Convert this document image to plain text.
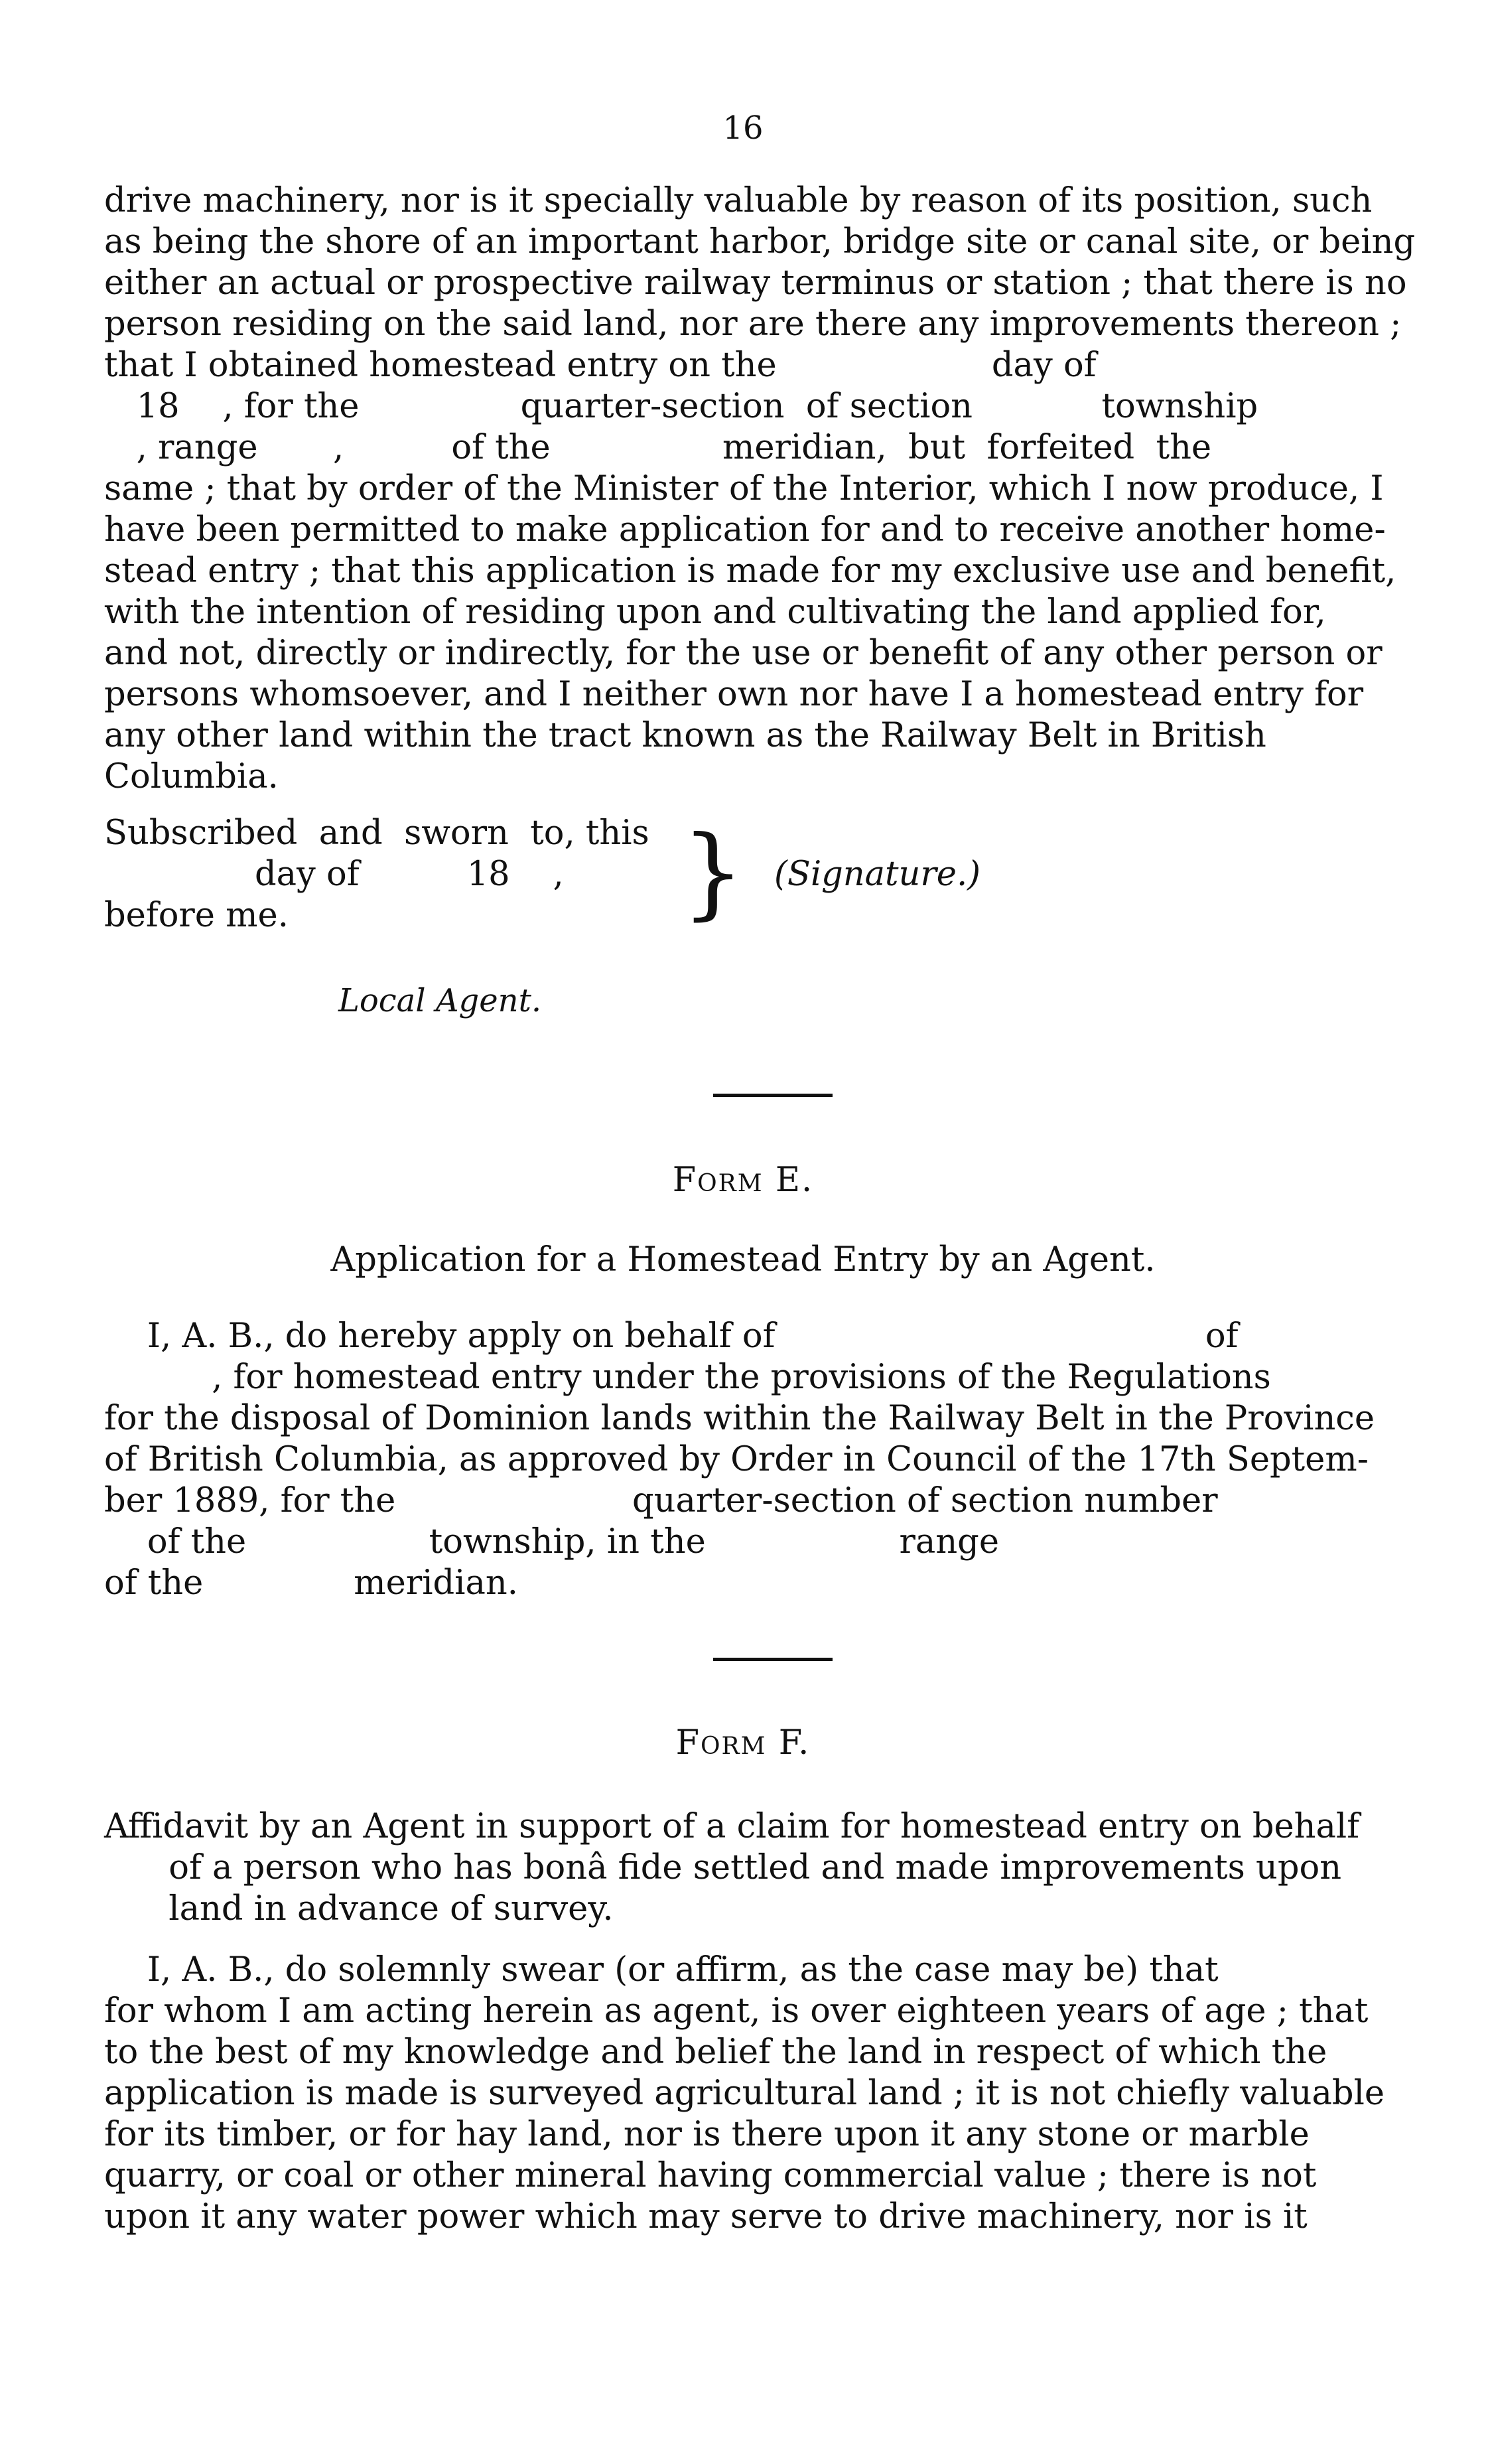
16
drive machinery, nor is it specially valuable by reason of its position, such
as being the shore of an important harbor, bridge site or canal site, or being
either an actual or prospective railway terminus or station ; that there is no
person residing on the said land, nor are there any improvements thereon ;
that I obtained homestead entry on the                    day of
18    , for the               quarter-section  of section            township
, range       ,          of the                meridian,  but  forfeited  the
same ; that by order of the Minister of the Interior, which I now produce, I
have been permitted to make application for and to receive another home-
stead entry ; that this application is made for my exclusive use and benefit,
with the intention of residing upon and cultivating the land applied for,
and not, directly or indirectly, for the use or benefit of any other person or
persons whomsoever, and I neither own nor have I a homestead entry for
any other land within the tract known as the Railway Belt in British
Columbia.
Subscribed  and  sworn  to, this
day of          18    ,
before me.	} (Signature.)
Local Agent.
Form E.
Application for a Homestead Entry by an Agent.
I, A. B., do hereby apply on behalf of                                        of
, for homestead entry under the provisions of the Regulations
for the disposal of Dominion lands within the Railway Belt in the Province
of British Columbia, as approved by Order in Council of the 17th Septem-
ber 1889, for the                      quarter-section of section number
of the                 township, in the                  range
of the              meridian.
Form F.
Affidavit by an Agent in support of a claim for homestead entry on behalf
of a person who has bonâ fide settled and made improvements upon
land in advance of survey.
I, A. B., do solemnly swear (or affirm, as the case may be) that
for whom I am acting herein as agent, is over eighteen years of age ; that
to the best of my knowledge and belief the land in respect of which the
application is made is surveyed agricultural land ; it is not chiefly valuable
for its timber, or for hay land, nor is there upon it any stone or marble
quarry, or coal or other mineral having commercial value ; there is not
upon it any water power which may serve to drive machinery, nor is it
